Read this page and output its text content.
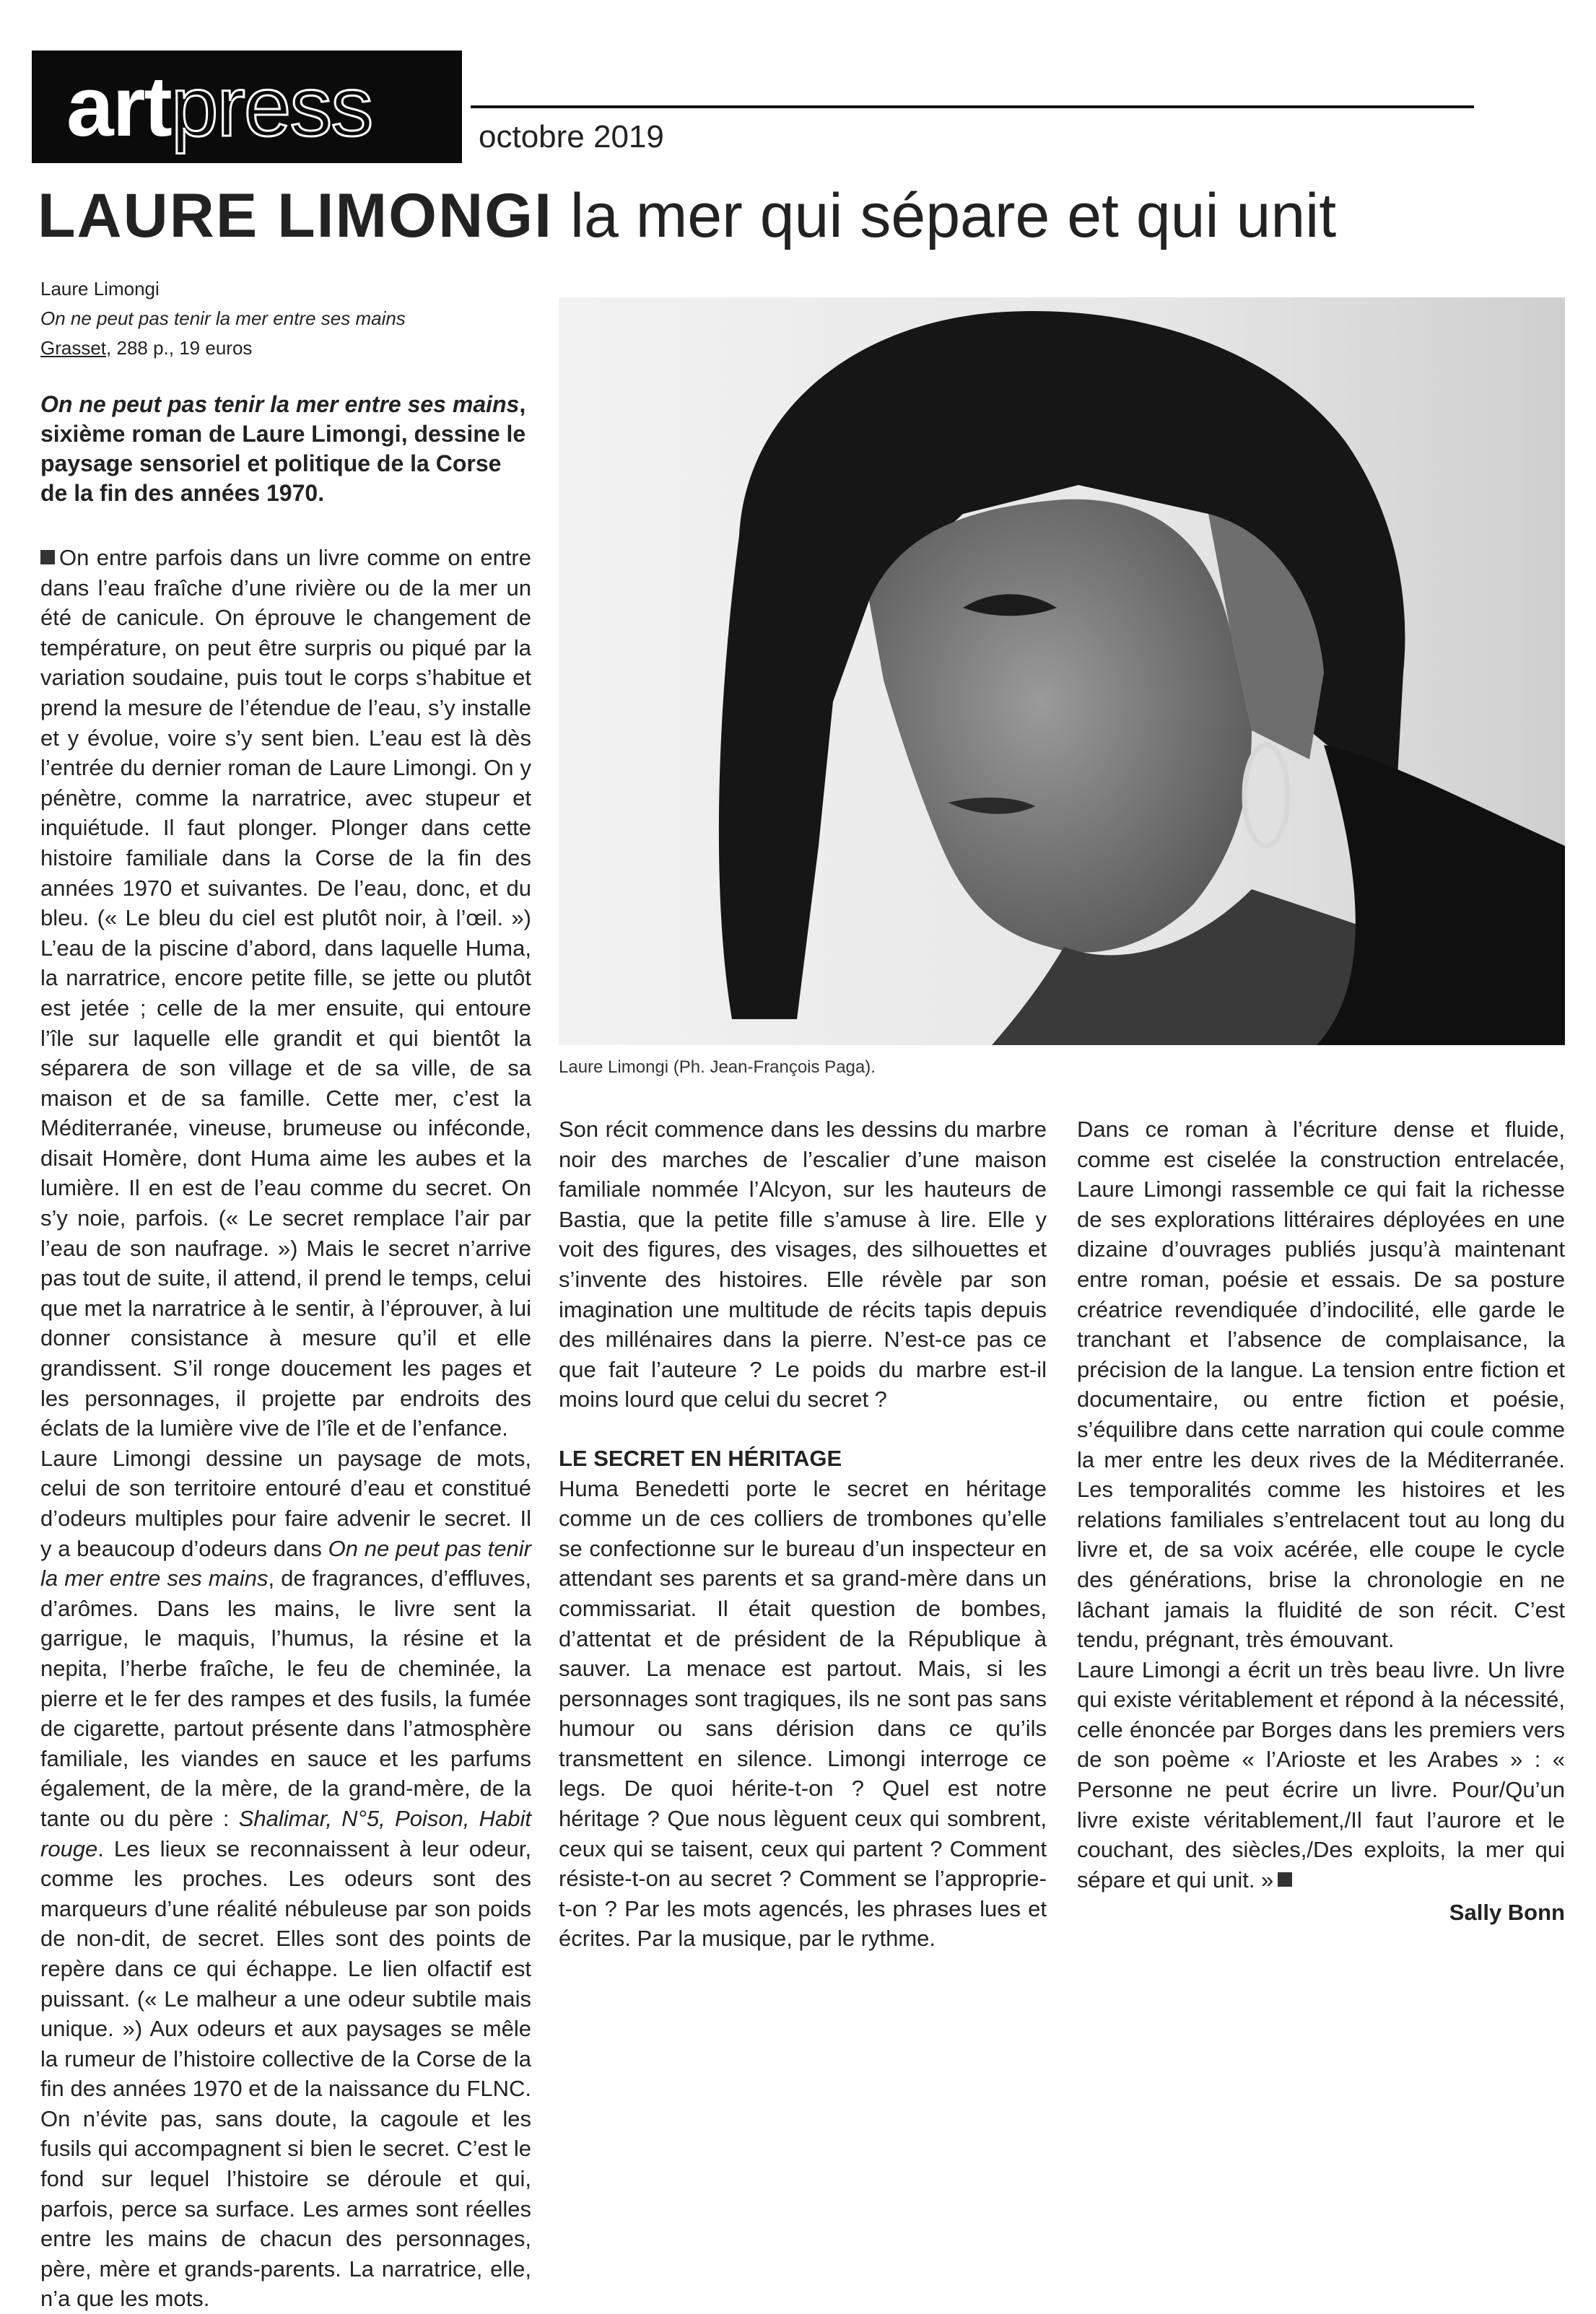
artpress	octobre 2019
LAURE LIMONGI la mer qui sépare et qui unit
Laure Limongi
On ne peut pas tenir la mer entre ses mains
Grasset, 288 p., 19 euros
On ne peut pas tenir la mer entre ses mains, sixième roman de Laure Limongi, dessine le paysage sensoriel et politique de la Corse de la fin des années 1970.
Laure Limongi (Ph. Jean-François Paga).

On entre parfois dans un livre comme on entre dans l’eau fraîche d’une rivière ou de la mer un été de canicule. On éprouve le changement de température, on peut être surpris ou piqué par la variation soudaine, puis tout le corps s’habitue et prend la mesure de l’étendue de l’eau, s’y installe et y évolue, voire s’y sent bien. L’eau est là dès l’entrée du dernier roman de Laure Limongi. On y pénètre, comme la narratrice, avec stupeur et inquiétude. Il faut plonger. Plonger dans cette histoire familiale dans la Corse de la fin des années 1970 et suivantes. De l’eau, donc, et du bleu. (« Le bleu du ciel est plutôt noir, à l’œil. ») L’eau de la piscine d’abord, dans laquelle Huma, la narratrice, encore petite fille, se jette ou plutôt est jetée ; celle de la mer ensuite, qui entoure l’île sur laquelle elle grandit et qui bientôt la séparera de son village et de sa ville, de sa maison et de sa famille. Cette mer, c’est la Méditerranée, vineuse, brumeuse ou inféconde, disait Homère, dont Huma aime les aubes et la lumière. Il en est de l’eau comme du secret. On s’y noie, parfois. (« Le secret remplace l’air par l’eau de son naufrage. ») Mais le secret n’arrive pas tout de suite, il attend, il prend le temps, celui que met la narratrice à le sentir, à l’éprouver, à lui donner consistance à mesure qu’il et elle grandissent. S’il ronge doucement les pages et les personnages, il projette par endroits des éclats de la lumière vive de l’île et de l’enfance.

Laure Limongi dessine un paysage de mots, celui de son territoire entouré d’eau et constitué d’odeurs multiples pour faire advenir le secret. Il y a beaucoup d’odeurs dans On ne peut pas tenir la mer entre ses mains, de fragrances, d’effluves, d’arômes. Dans les mains, le livre sent la garrigue, le maquis, l’humus, la résine et la nepita, l’herbe fraîche, le feu de cheminée, la pierre et le fer des rampes et des fusils, la fumée de cigarette, partout présente dans l’atmosphère familiale, les viandes en sauce et les parfums également, de la mère, de la grand-mère, de la tante ou du père : Shalimar, N°5, Poison, Habit rouge. Les lieux se reconnaissent à leur odeur, comme les proches. Les odeurs sont des marqueurs d’une réalité nébuleuse par son poids de non-dit, de secret. Elles sont des points de repère dans ce qui échappe. Le lien olfactif est puissant. (« Le malheur a une odeur subtile mais unique. ») Aux odeurs et aux paysages se mêle la rumeur de l’histoire collective de la Corse de la fin des années 1970 et de la naissance du FLNC. On n’évite pas, sans doute, la cagoule et les fusils qui accompagnent si bien le secret. C’est le fond sur lequel l’histoire se déroule et qui, parfois, perce sa surface. Les armes sont réelles entre les mains de chacun des personnages, père, mère et grands-parents. La narratrice, elle, n’a que les mots.

Son récit commence dans les dessins du marbre noir des marches de l’escalier d’une maison familiale nommée l’Alcyon, sur les hauteurs de Bastia, que la petite fille s’amuse à lire. Elle y voit des figures, des visages, des silhouettes et s’invente des histoires. Elle révèle par son imagination une multitude de récits tapis depuis des millénaires dans la pierre. N’est-ce pas ce que fait l’auteure ? Le poids du marbre est-il moins lourd que celui du secret ?

LE SECRET EN HÉRITAGE

Huma Benedetti porte le secret en héritage comme un de ces colliers de trombones qu’elle se confectionne sur le bureau d’un inspecteur en attendant ses parents et sa grand-mère dans un commissariat. Il était question de bombes, d’attentat et de président de la République à sauver. La menace est partout. Mais, si les personnages sont tragiques, ils ne sont pas sans humour ou sans dérision dans ce qu’ils transmettent en silence. Limongi interroge ce legs. De quoi hérite-t-on ? Quel est notre héritage ? Que nous lèguent ceux qui sombrent, ceux qui se taisent, ceux qui partent ? Comment résiste-t-on au secret ? Comment se l’approprie-t-on ? Par les mots agencés, les phrases lues et écrites. Par la musique, par le rythme.

Dans ce roman à l’écriture dense et fluide, comme est ciselée la construction entrelacée, Laure Limongi rassemble ce qui fait la richesse de ses explorations littéraires déployées en une dizaine d’ouvrages publiés jusqu’à maintenant entre roman, poésie et essais. De sa posture créatrice revendiquée d’indocilité, elle garde le tranchant et l’absence de complaisance, la précision de la langue. La tension entre fiction et documentaire, ou entre fiction et poésie, s’équilibre dans cette narration qui coule comme la mer entre les deux rives de la Méditerranée. Les temporalités comme les histoires et les relations familiales s’entrelacent tout au long du livre et, de sa voix acérée, elle coupe le cycle des générations, brise la chronologie en ne lâchant jamais la fluidité de son récit. C’est tendu, prégnant, très émouvant.

Laure Limongi a écrit un très beau livre. Un livre qui existe véritablement et répond à la nécessité, celle énoncée par Borges dans les premiers vers de son poème « l’Arioste et les Arabes » : « Personne ne peut écrire un livre. Pour/Qu’un livre existe véritablement,/Il faut l’aurore et le couchant, des siècles,/Des exploits, la mer qui sépare et qui unit. »

Sally Bonn
